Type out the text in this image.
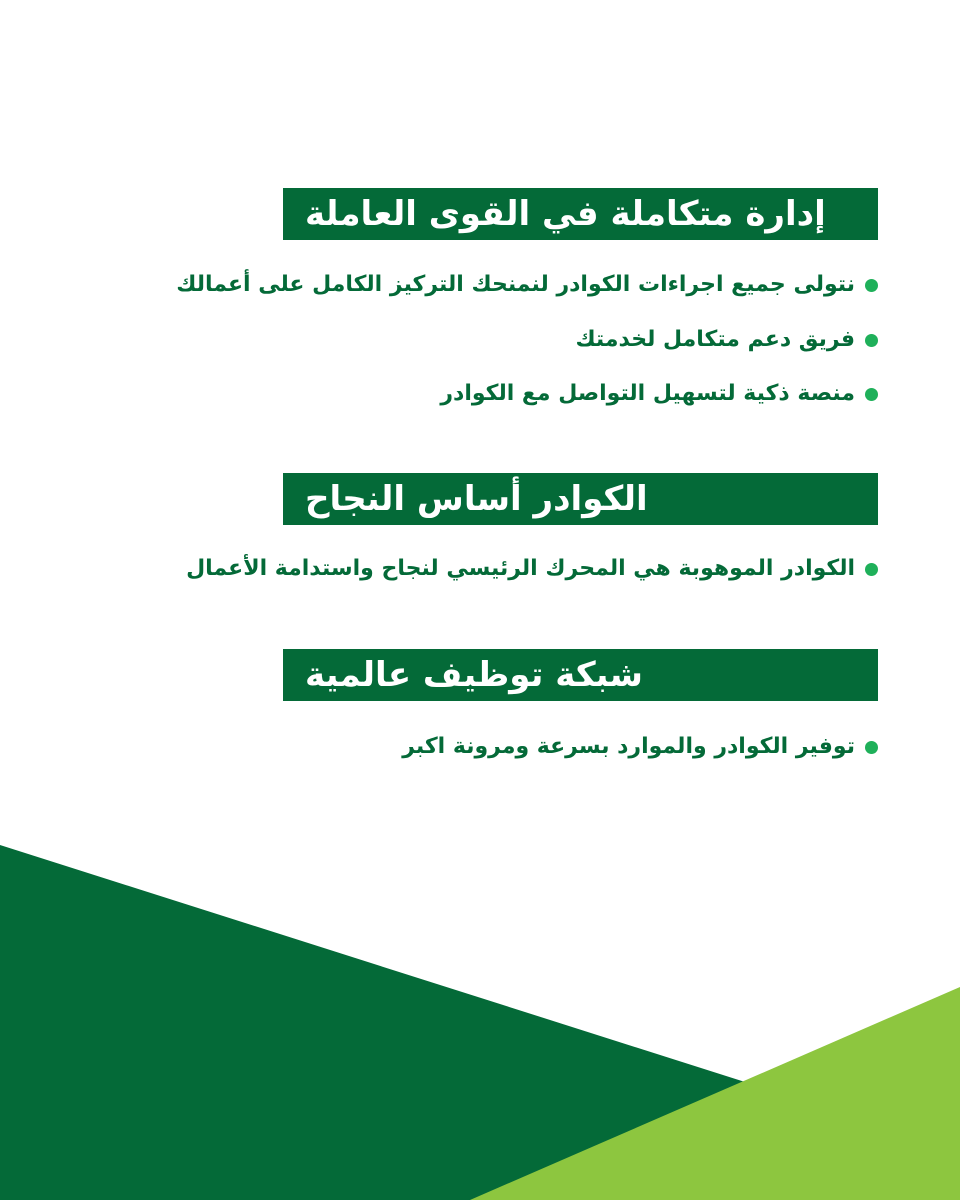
إدارة متكاملة في القوى العاملة
نتولى جميع اجراءات الكوادر لنمنحك التركيز الكامل على أعمالك
فريق دعم متكامل لخدمتك
منصة ذكية لتسهيل التواصل مع الكوادر
الكوادر أساس النجاح
الكوادر الموهوبة هي المحرك الرئيسي لنجاح واستدامة الأعمال
شبكة توظيف عالمية
توفير الكوادر والموارد بسرعة ومرونة اكبر
